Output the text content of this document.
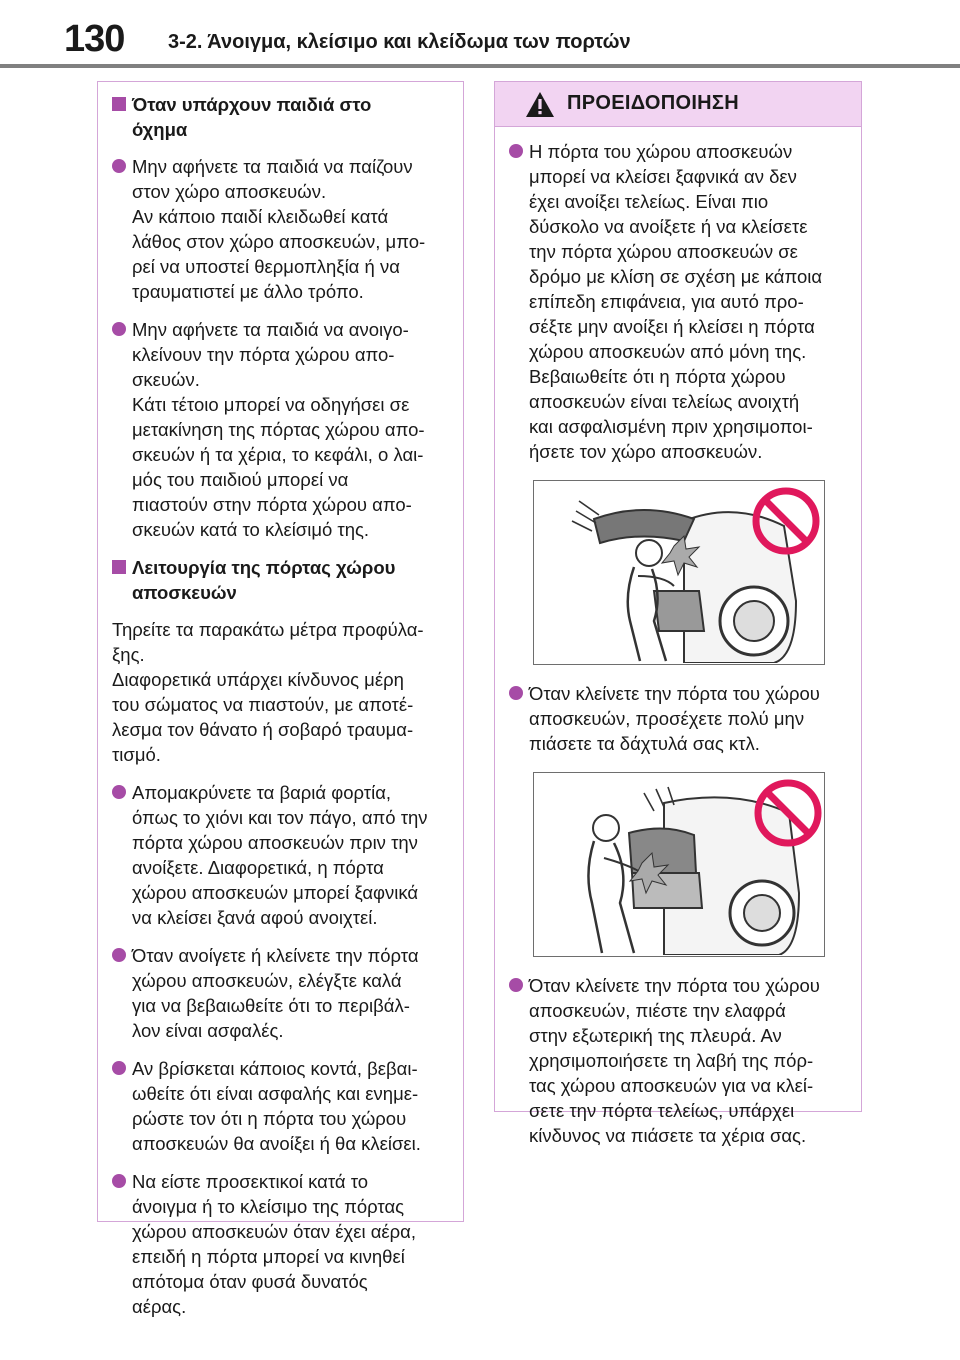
130 3-2. Άνοιγμα, κλείσιμο και κλείδωμα των πορτών
Όταν υπάρχουν παιδιά στο
όχημα
Μην αφήνετε τα παιδιά να παίζουν
στον χώρο αποσκευών.
Αν κάποιο παιδί κλειδωθεί κατά
λάθος στον χώρο αποσκευών, μπο-
ρεί να υποστεί θερμοπληξία ή να
τραυματιστεί με άλλο τρόπο.
Μην αφήνετε τα παιδιά να ανοιγο-
κλείνουν την πόρτα χώρου απο-
σκευών.
Κάτι τέτοιο μπορεί να οδηγήσει σε
μετακίνηση της πόρτας χώρου απο-
σκευών ή τα χέρια, το κεφάλι, ο λαι-
μός του παιδιού μπορεί να
πιαστούν στην πόρτα χώρου απο-
σκευών κατά το κλείσιμό της.
Λειτουργία της πόρτας χώρου
αποσκευών
Τηρείτε τα παρακάτω μέτρα προφύλα-
ξης.
Διαφορετικά υπάρχει κίνδυνος μέρη
του σώματος να πιαστούν, με αποτέ-
λεσμα τον θάνατο ή σοβαρό τραυμα-
τισμό.
Απομακρύνετε τα βαριά φορτία,
όπως το χιόνι και τον πάγο, από την
πόρτα χώρου αποσκευών πριν την
ανοίξετε. Διαφορετικά, η πόρτα
χώρου αποσκευών μπορεί ξαφνικά
να κλείσει ξανά αφού ανοιχτεί.
Όταν ανοίγετε ή κλείνετε την πόρτα
χώρου αποσκευών, ελέγξτε καλά
για να βεβαιωθείτε ότι το περιβάλ-
λον είναι ασφαλές.
Αν βρίσκεται κάποιος κοντά, βεβαι-
ωθείτε ότι είναι ασφαλής και ενημε-
ρώστε τον ότι η πόρτα του χώρου
αποσκευών θα ανοίξει ή θα κλείσει.
Να είστε προσεκτικοί κατά το
άνοιγμα ή το κλείσιμο της πόρτας
χώρου αποσκευών όταν έχει αέρα,
επειδή η πόρτα μπορεί να κινηθεί
απότομα όταν φυσά δυνατός
αέρας.
ΠΡΟΕΙΔΟΠΟΙΗΣΗ
Η πόρτα του χώρου αποσκευών
μπορεί να κλείσει ξαφνικά αν δεν
έχει ανοίξει τελείως. Είναι πιο
δύσκολο να ανοίξετε ή να κλείσετε
την πόρτα χώρου αποσκευών σε
δρόμο με κλίση σε σχέση με κάποια
επίπεδη επιφάνεια, για αυτό προ-
σέξτε μην ανοίξει ή κλείσει η πόρτα
χώρου αποσκευών από μόνη της.
Βεβαιωθείτε ότι η πόρτα χώρου
αποσκευών είναι τελείως ανοιχτή
και ασφαλισμένη πριν χρησιμοποι-
ήσετε τον χώρο αποσκευών.
Όταν κλείνετε την πόρτα του χώρου
αποσκευών, προσέχετε πολύ μην
πιάσετε τα δάχτυλά σας κτλ.
Όταν κλείνετε την πόρτα του χώρου
αποσκευών, πιέστε την ελαφρά
στην εξωτερική της πλευρά. Αν
χρησιμοποιήσετε τη λαβή της πόρ-
τας χώρου αποσκευών για να κλεί-
σετε την πόρτα τελείως, υπάρχει
κίνδυνος να πιάσετε τα χέρια σας.
